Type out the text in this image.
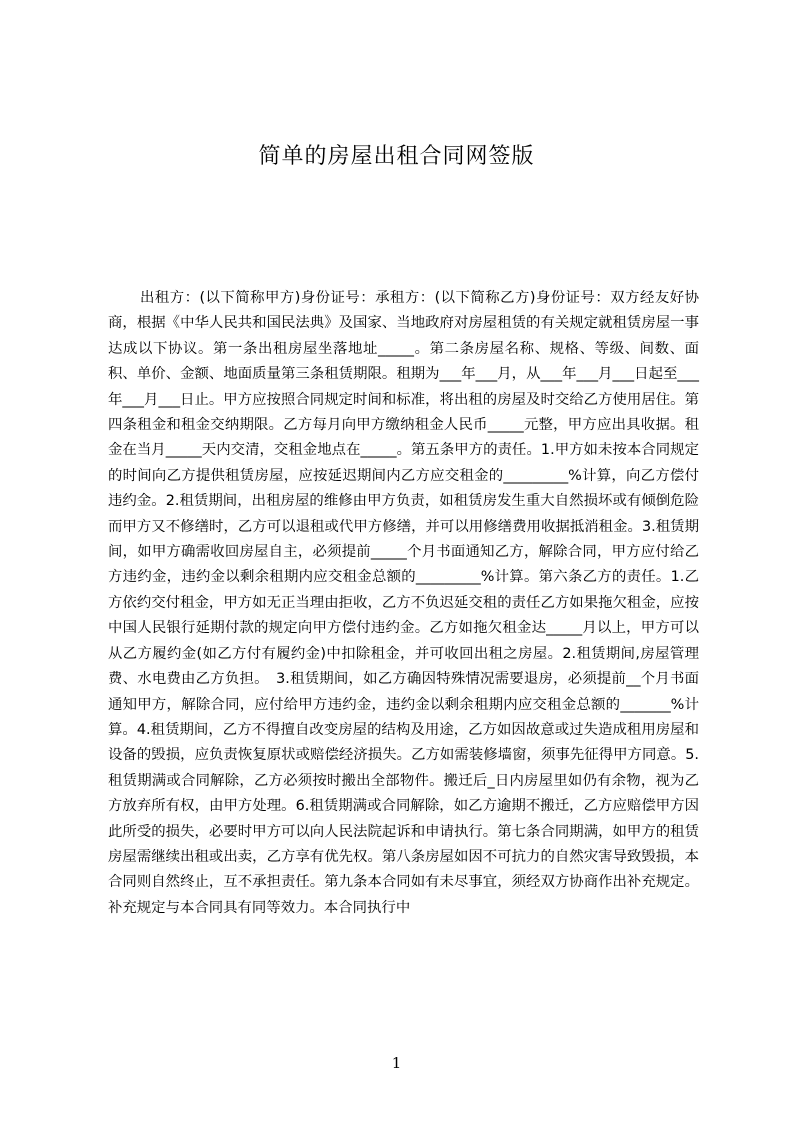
简单的房屋出租合同网签版

出租方：(以下简称甲方)身份证号：承租方：(以下简称乙方)身份证号：双方经友好协商，根据《中华人民共和国民法典》及国家、当地政府对房屋租赁的有关规定就租赁房屋一事达成以下协议。第一条出租房屋坐落地址_____。第二条房屋名称、规格、等级、间数、面积、单价、金额、地面质量第三条租赁期限。租期为___年___月，从___年___月___日起至___年___月___日止。甲方应按照合同规定时间和标准，将出租的房屋及时交给乙方使用居住。第四条租金和租金交纳期限。乙方每月向甲方缴纳租金人民币_____元整，甲方应出具收据。租金在当月_____天内交清，交租金地点在_____。第五条甲方的责任。1.甲方如未按本合同规定的时间向乙方提供租赁房屋，应按延迟期间内乙方应交租金的_________%计算，向乙方偿付违约金。2.租赁期间，出租房屋的维修由甲方负责，如租赁房发生重大自然损坏或有倾倒危险而甲方又不修缮时，乙方可以退租或代甲方修缮，并可以用修缮费用收据抵消租金。3.租赁期间，如甲方确需收回房屋自主，必须提前_____个月书面通知乙方，解除合同，甲方应付给乙方违约金，违约金以剩余租期内应交租金总额的_________%计算。第六条乙方的责任。1.乙方依约交付租金，甲方如无正当理由拒收，乙方不负迟延交租的责任乙方如果拖欠租金，应按中国人民银行延期付款的规定向甲方偿付违约金。乙方如拖欠租金达_____月以上，甲方可以从乙方履约金(如乙方付有履约金)中扣除租金，并可收回出租之房屋。2.租赁期间,房屋管理费、水电费由乙方负担。　3.租赁期间，如乙方确因特殊情况需要退房，必须提前__个月书面通知甲方，解除合同，应付给甲方违约金，违约金以剩余租期内应交租金总额的_______%计算。4.租赁期间，乙方不得擅自改变房屋的结构及用途，乙方如因故意或过失造成租用房屋和设备的毁损，应负责恢复原状或赔偿经济损失。乙方如需装修墙窗，须事先征得甲方同意。5.租赁期满或合同解除，乙方必须按时搬出全部物件。搬迁后_日内房屋里如仍有余物，视为乙方放弃所有权，由甲方处理。6.租赁期满或合同解除，如乙方逾期不搬迁，乙方应赔偿甲方因此所受的损失，必要时甲方可以向人民法院起诉和申请执行。第七条合同期满，如甲方的租赁房屋需继续出租或出卖，乙方享有优先权。第八条房屋如因不可抗力的自然灾害导致毁损，本合同则自然终止，互不承担责任。第九条本合同如有未尽事宜，须经双方协商作出补充规定。补充规定与本合同具有同等效力。本合同执行中

1
